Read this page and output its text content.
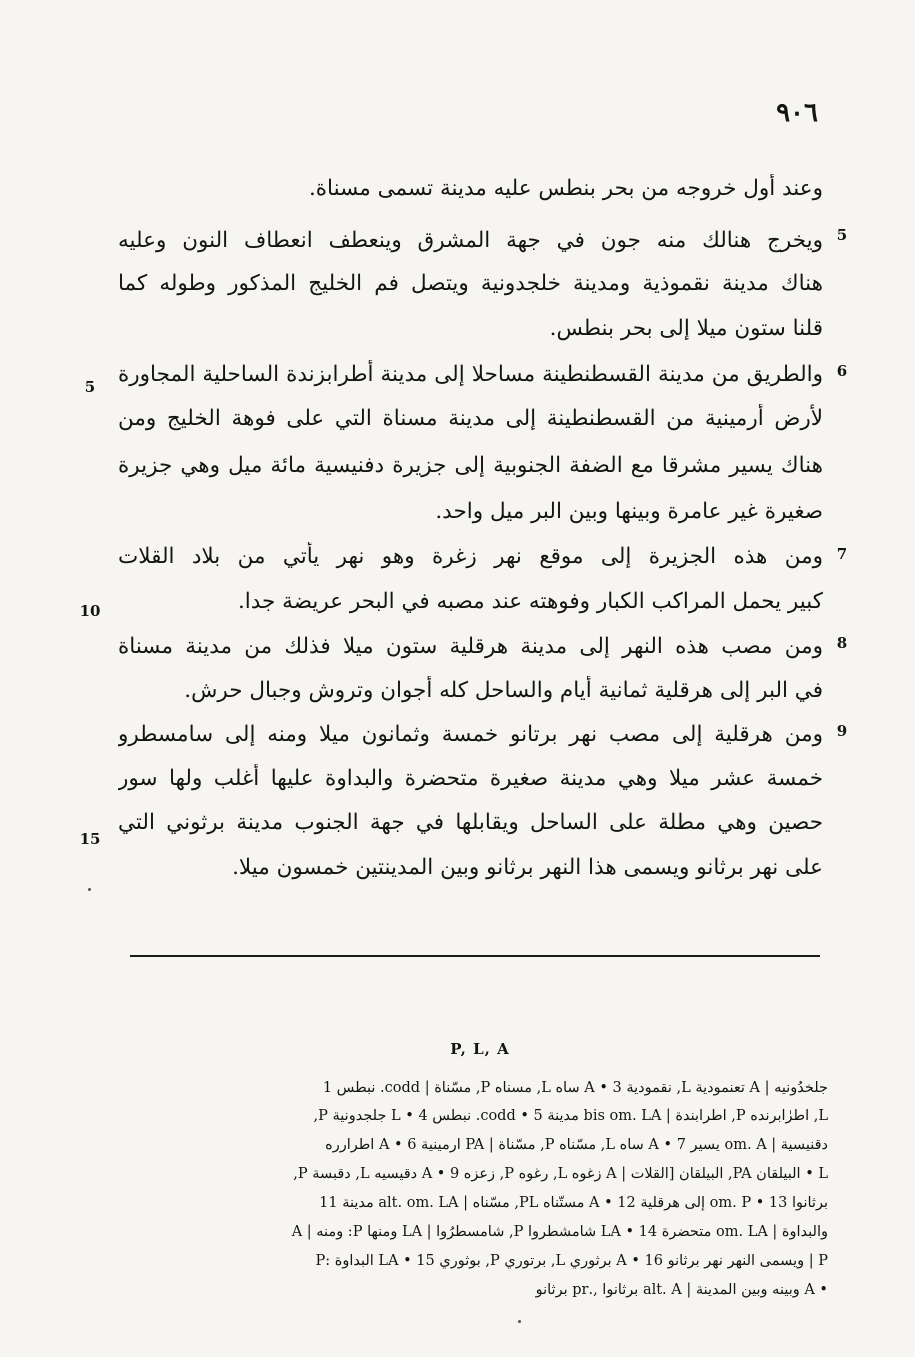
٩٠٦
وعند أول خروجه من بحر بنطس عليه مدينة تسمى مسناة.
ويخرج هنالك منه جون في جهة المشرق وينعطف انعطاف النون وعليه 5
هناك مدينة نقموذية ومدينة خلجدونية ويتصل فم الخليج المذكور وطوله كما
قلنا ستون ميلا إلى بحر بنطس.
والطريق من مدينة القسطنطينة مساحلا إلى مدينة أطرابزندة الساحلية المجاورة 6
5
لأرض أرمينية من القسطنطينة إلى مدينة مسناة التي على فوهة الخليج ومن
هناك يسير مشرقا مع الضفة الجنوبية إلى جزيرة دفنيسية مائة ميل وهي جزيرة
صغيرة غير عامرة وبينها وبين البر ميل واحد.
ومن هذه الجزيرة إلى موقع نهر زغرة وهو نهر يأتي من بلاد القلات 7
كبير يحمل المراكب الكبار وفوهته عند مصبه في البحر عريضة جدا.
10
ومن مصب هذه النهر إلى مدينة هرقلية ستون ميلا فذلك من مدينة مسناة 8
في البر إلى هرقلية ثمانية أيام والساحل كله أجوان وتروش وجبال حرش.
ومن هرقلية إلى مصب نهر برتانو خمسة وثمانون ميلا ومنه إلى سامسطرو 9
خمسة عشر ميلا وهي مدينة صغيرة متحضرة والبداوة عليها أغلب ولها سور
حصين وهي مطلة على الساحل ويقابلها في جهة الجنوب مدينة برثوني التي
15
على نهر برثانو ويسمى هذا النهر برثانو وبين المدينتين خمسون ميلا.
P, L, A
جلخدُونيه | A تعنمودية L, نقمودية 3 • A ساه L, مسناه P, مسّناة | codd. نبطس 1
L, اطرٰابرنده P, اطرابندة | bis om. LA مدينة 5 • codd. نبطس 4 • L جلجدونية P,
دقنيسية | om. A يسير 7 • A ساه L, مسّناه P, مسّناة | PA ارمينية 6 • A اطرارره
L • البيلقان PA, البيلقان [القلات | A زغوه L, رغوه P, زعزه 9 • A دقيسيه L, دقبسة P,
برثانوا 13 • om. P إلى هرقلية 12 • A مستّناه PL, مسّناه | alt. om. LA مدينة 11
والبداوة | om. LA متحضرة 14 • LA شامشطروا P, شامسطرُوا | LA ومنها P: ومنه | A
P | ويسمى النهر نهر برثانو 16 • A برثوري L, برتوري P, بوثوري 15 • LA البداوة :P
• A وبينه وبين المدينة | alt. A برثانوا ,.pr برثانو
